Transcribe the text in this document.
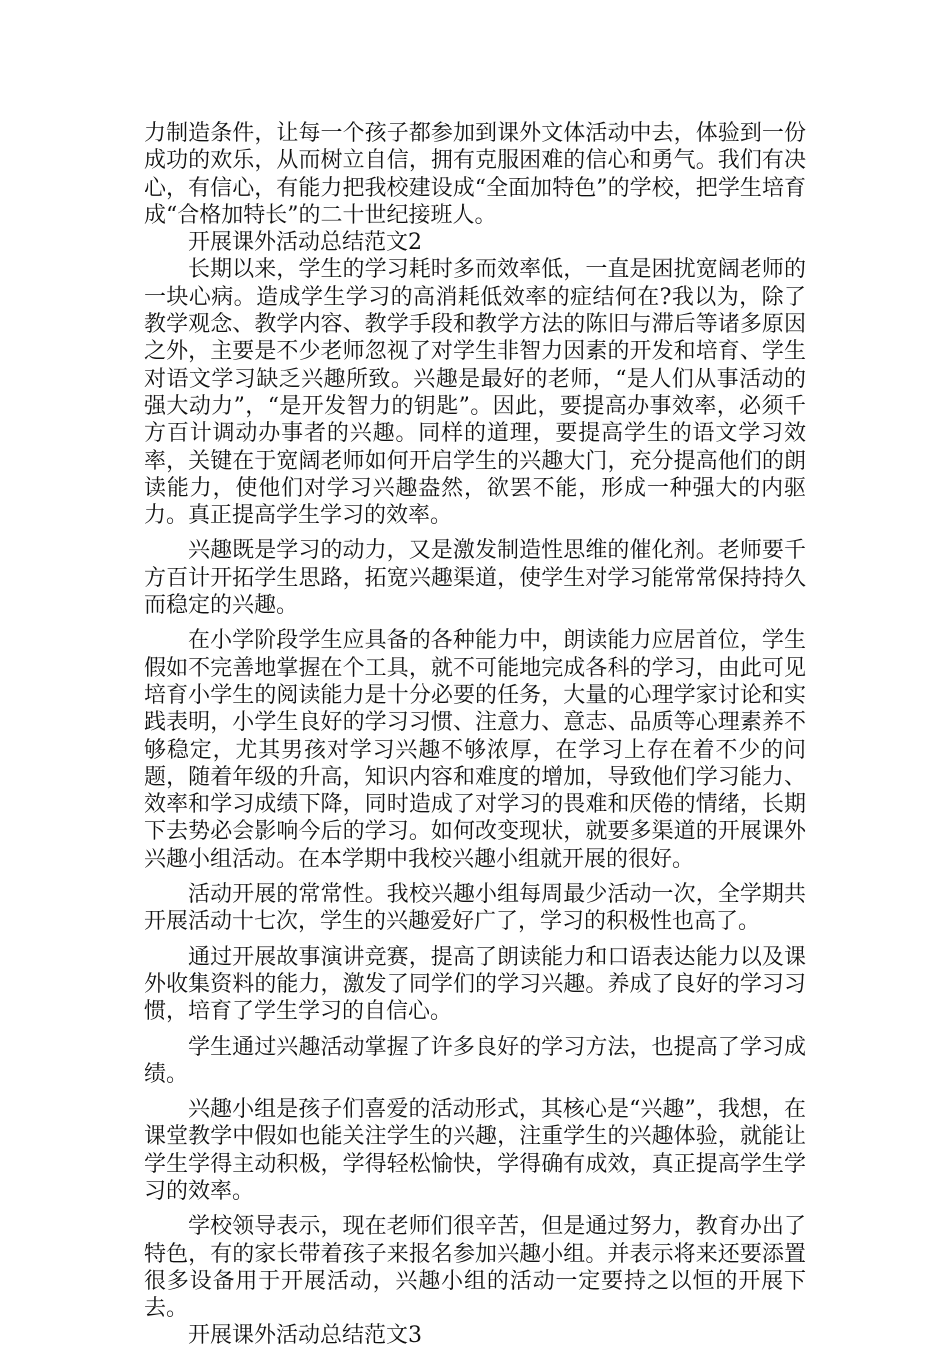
力制造条件，让每一个孩子都参加到课外文体活动中去，体验到一份成功的欢乐，从而树立自信，拥有克服困难的信心和勇气。我们有决心，有信心，有能力把我校建设成“全面加特色”的学校，把学生培育成“合格加特长”的二十世纪接班人。

开展课外活动总结范文2

长期以来，学生的学习耗时多而效率低，一直是困扰宽阔老师的一块心病。造成学生学习的高消耗低效率的症结何在?我以为，除了教学观念、教学内容、教学手段和教学方法的陈旧与滞后等诸多原因之外，主要是不少老师忽视了对学生非智力因素的开发和培育、学生对语文学习缺乏兴趣所致。兴趣是最好的老师，“是人们从事活动的强大动力”，“是开发智力的钥匙”。因此，要提高办事效率，必须千方百计调动办事者的兴趣。同样的道理，要提高学生的语文学习效率，关键在于宽阔老师如何开启学生的兴趣大门，充分提高他们的朗读能力，使他们对学习兴趣盎然，欲罢不能，形成一种强大的内驱力。真正提高学生学习的效率。

兴趣既是学习的动力，又是激发制造性思维的催化剂。老师要千方百计开拓学生思路，拓宽兴趣渠道，使学生对学习能常常保持持久而稳定的兴趣。

在小学阶段学生应具备的各种能力中，朗读能力应居首位，学生假如不完善地掌握在个工具，就不可能地完成各科的学习，由此可见培育小学生的阅读能力是十分必要的任务，大量的心理学家讨论和实践表明，小学生良好的学习习惯、注意力、意志、品质等心理素养不够稳定，尤其男孩对学习兴趣不够浓厚，在学习上存在着不少的问题，随着年级的升高，知识内容和难度的增加，导致他们学习能力、效率和学习成绩下降，同时造成了对学习的畏难和厌倦的情绪，长期下去势必会影响今后的学习。如何改变现状，就要多渠道的开展课外兴趣小组活动。在本学期中我校兴趣小组就开展的很好。

活动开展的常常性。我校兴趣小组每周最少活动一次，全学期共开展活动十七次，学生的兴趣爱好广了，学习的积极性也高了。

通过开展故事演讲竞赛，提高了朗读能力和口语表达能力以及课外收集资料的能力，激发了同学们的学习兴趣。养成了良好的学习习惯，培育了学生学习的自信心。

学生通过兴趣活动掌握了许多良好的学习方法，也提高了学习成绩。

兴趣小组是孩子们喜爱的活动形式，其核心是“兴趣”，我想，在课堂教学中假如也能关注学生的兴趣，注重学生的兴趣体验，就能让学生学得主动积极，学得轻松愉快，学得确有成效，真正提高学生学习的效率。

学校领导表示，现在老师们很辛苦，但是通过努力，教育办出了特色，有的家长带着孩子来报名参加兴趣小组。并表示将来还要添置很多设备用于开展活动，兴趣小组的活动一定要持之以恒的开展下去。

开展课外活动总结范文3
